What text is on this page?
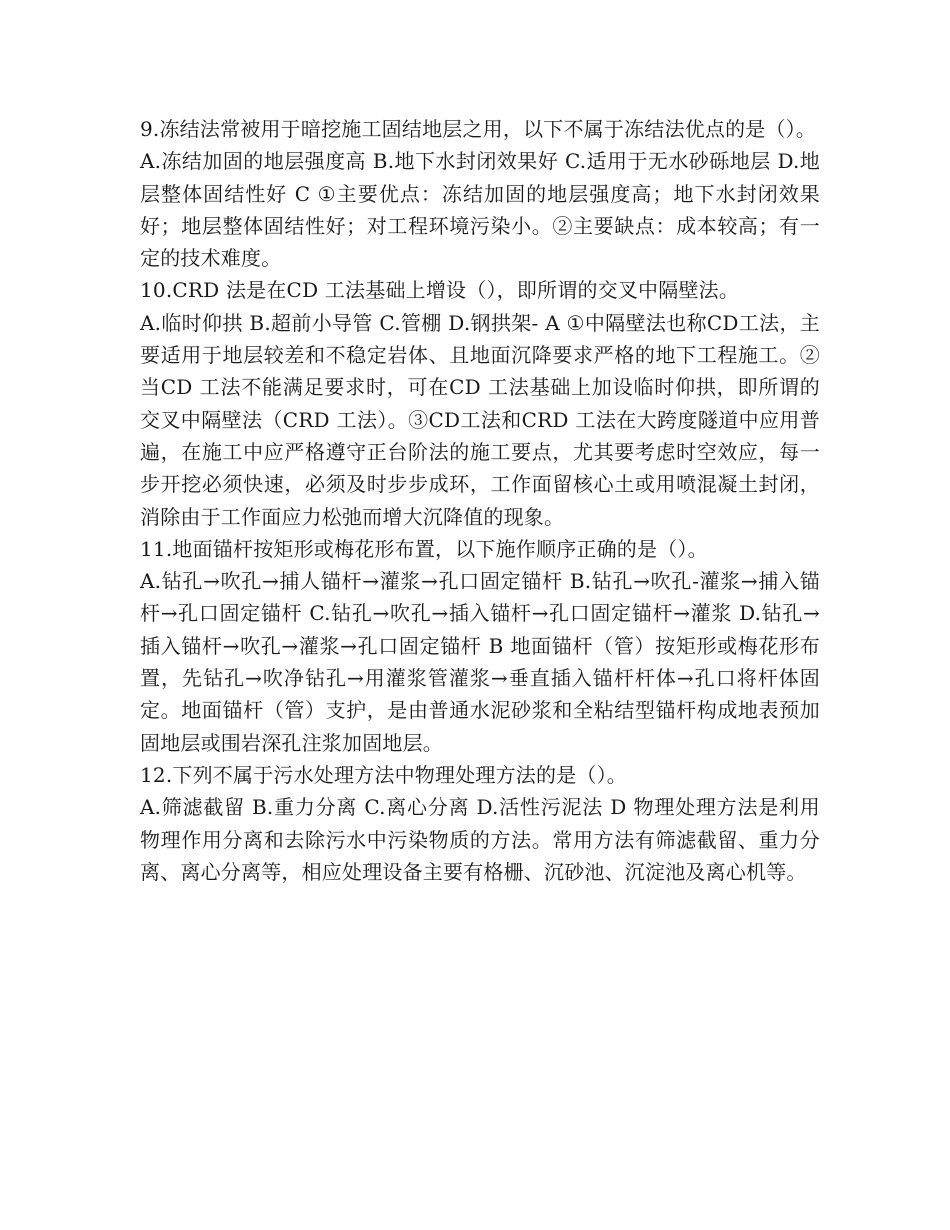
9.冻结法常被用于暗挖施工固结地层之用，以下不属于冻结法优点的是（）。

A.冻结加固的地层强度高 B.地下水封闭效果好 C.适用于无水砂砾地层 D.地层整体固结性好 C ①主要优点：冻结加固的地层强度高；地下水封闭效果好；地层整体固结性好；对工程环境污染小。②主要缺点：成本较高；有一定的技术难度。

10.CRD 法是在CD 工法基础上增设（），即所谓的交叉中隔壁法。

A.临时仰拱 B.超前小导管 C.管棚 D.钢拱架- A ①中隔壁法也称CD工法，主要适用于地层较差和不稳定岩体、且地面沉降要求严格的地下工程施工。②当CD 工法不能满足要求时，可在CD 工法基础上加设临时仰拱，即所谓的交叉中隔壁法（CRD 工法）。③CD工法和CRD 工法在大跨度隧道中应用普遍，在施工中应严格遵守正台阶法的施工要点，尤其要考虑时空效应，每一步开挖必须快速，必须及时步步成环，工作面留核心土或用喷混凝土封闭，消除由于工作面应力松弛而增大沉降值的现象。

11.地面锚杆按矩形或梅花形布置，以下施作顺序正确的是（）。

A.钻孔→吹孔→捕人锚杆→灌浆→孔口固定锚杆 B.钻孔→吹孔-灌浆→捕入锚杆→孔口固定锚杆 C.钻孔→吹孔→插入锚杆→孔口固定锚杆→灌浆 D.钻孔→插入锚杆→吹孔→灌浆→孔口固定锚杆 B 地面锚杆（管）按矩形或梅花形布置，先钻孔→吹净钻孔→用灌浆管灌浆→垂直插入锚杆杆体→孔口将杆体固定。地面锚杆（管）支护，是由普通水泥砂浆和全粘结型锚杆构成地表预加固地层或围岩深孔注浆加固地层。

12.下列不属于污水处理方法中物理处理方法的是（）。

A.筛滤截留 B.重力分离 C.离心分离 D.活性污泥法 D 物理处理方法是利用物理作用分离和去除污水中污染物质的方法。常用方法有筛滤截留、重力分离、离心分离等，相应处理设备主要有格栅、沉砂池、沉淀池及离心机等。
